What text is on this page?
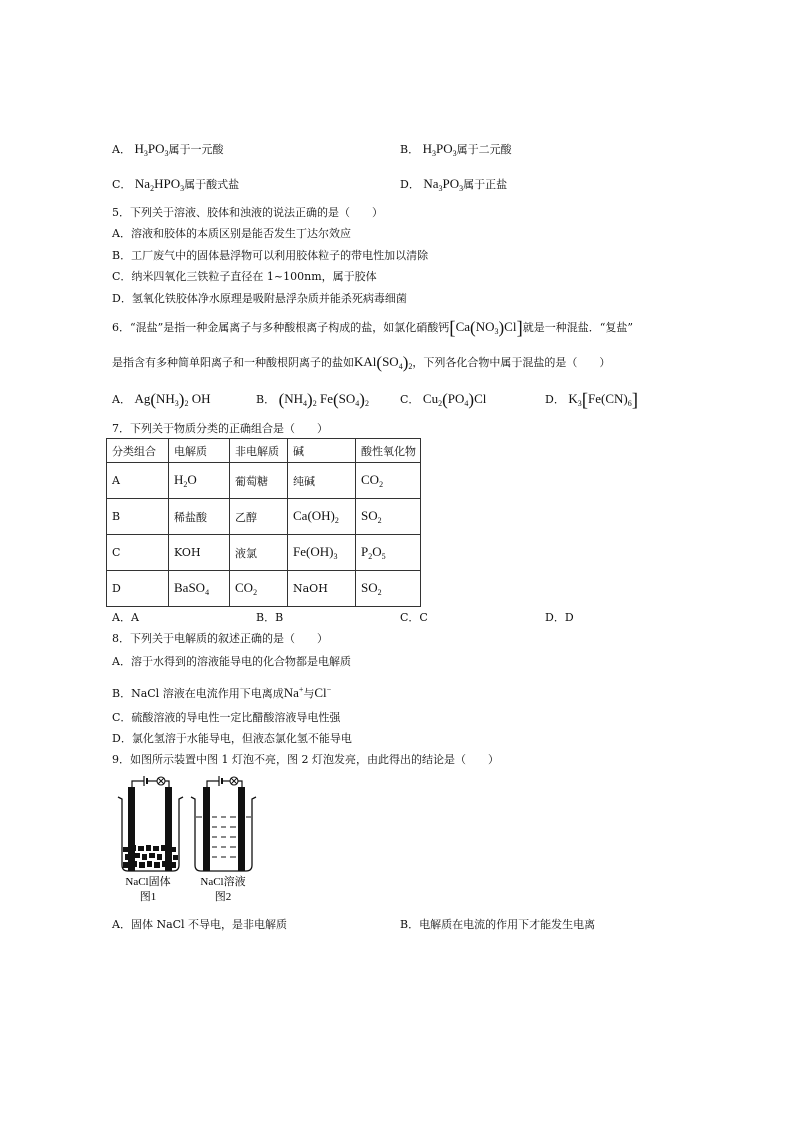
A． $H_3PO_3$属于一元酸	B． $H_3PO_3$属于二元酸
C． $Na_2HPO_3$属于酸式盐	D． $Na_3PO_3$属于正盐
5．下列关于溶液、胶体和浊液的说法正确的是（　　）
A．溶液和胶体的本质区别是能否发生丁达尔效应
B．工厂废气中的固体悬浮物可以利用胶体粒子的带电性加以清除
C．纳米四氧化三铁粒子直径在 1~100nm，属于胶体
D．氢氧化铁胶体净水原理是吸附悬浮杂质并能杀死病毒细菌
6．“混盐”是指一种金属离子与多种酸根离子构成的盐，如氯化硝酸钙$[Ca(NO_3)Cl]$就是一种混盐．“复盐”
是指含有多种简单阳离子和一种酸根阴离子的盐如$KAl(SO_4)_2$，下列各化合物中属于混盐的是（　　）
A． $Ag(NH_3)_2$ OH	B． $(NH_4)_2$ $Fe(SO_4)_2$	C． $Cu_2(PO_4)Cl$	D． $K_3[Fe(CN)_6]$
7．下列关于物质分类的正确组合是（　　）
分类组合	电解质	非电解质	碱	酸性氧化物
A	$H_2O$	葡萄糖	纯碱	$CO_2$
B	稀盐酸	乙醇	$Ca(OH)_2$	$SO_2$
C	KOH	液氯	$Fe(OH)_3$	$P_2O_5$
D	BaSO$_4$	$CO_2$	NaOH	$SO_2$
A．A	B．B	C．C	D．D
8．下列关于电解质的叙述正确的是（　　）
A．溶于水得到的溶液能导电的化合物都是电解质
B．NaCl 溶液在电流作用下电离成Na+与Cl−
C．硫酸溶液的导电性一定比醋酸溶液导电性强
D．氯化氢溶于水能导电，但液态氯化氢不能导电
9．如图所示装置中图 1 灯泡不亮，图 2 灯泡发亮，由此得出的结论是（　　）
NaCl固体
图1
NaCl溶液
图2
A．固体 NaCl 不导电，是非电解质	B．电解质在电流的作用下才能发生电离
